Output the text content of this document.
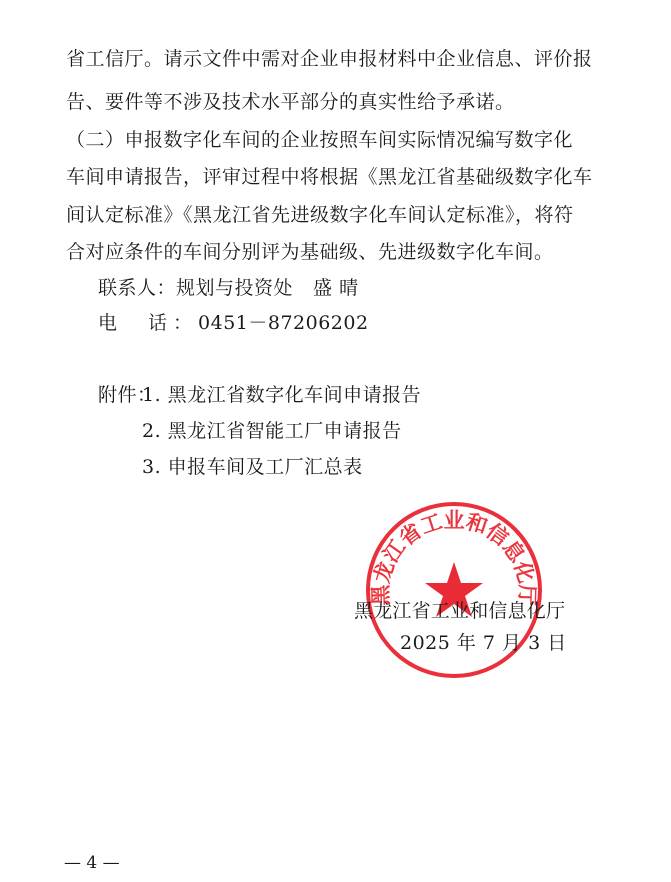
省工信厅。请示文件中需对企业申报材料中企业信息、评价报
告、要件等不涉及技术水平部分的真实性给予承诺。
（二）申报数字化车间的企业按照车间实际情况编写数字化
车间申请报告，评审过程中将根据《黑龙江省基础级数字化车
间认定标准》《黑龙江省先进级数字化车间认定标准》，将符
合对应条件的车间分别评为基础级、先进级数字化车间。
联系人：规划与投资处 盛 晴
电　话：0451－87206202
附件：
1. 黑龙江省数字化车间申请报告
2. 黑龙江省智能工厂申请报告
3. 申报车间及工厂汇总表
黑龙江省工业和信息化厅
黑龙江省工业和信息化厅
2025 年 7 月 3 日
— 4 —
